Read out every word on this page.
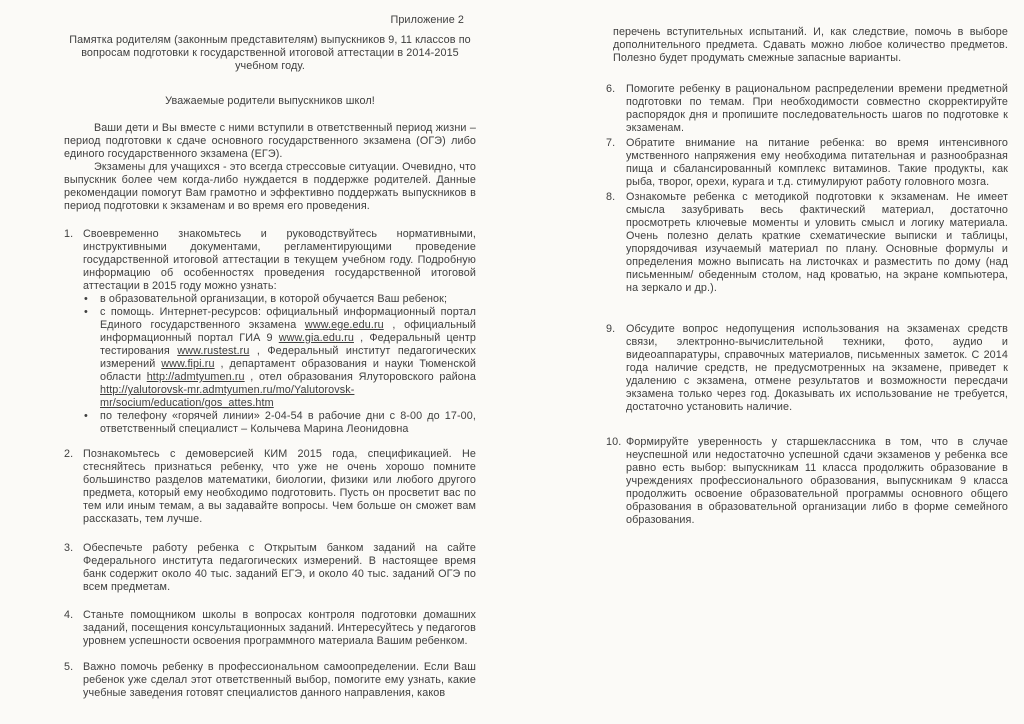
Приложение 2
Памятка родителям (законным представителям) выпускников 9, 11 классов по вопросам подготовки к государственной итоговой аттестации в 2014-2015 учебном году.
Уважаемые родители выпускников школ!
Ваши дети и Вы вместе с ними вступили в ответственный период жизни – период подготовки к сдаче основного государственного экзамена (ОГЭ) либо единого государственного экзамена (ЕГЭ).
Экзамены для учащихся - это всегда стрессовые ситуации. Очевидно, что выпускник более чем когда-либо нуждается в поддержке родителей. Данные рекомендации помогут Вам грамотно и эффективно поддержать выпускников в период подготовки к экзаменам и во время его проведения.
1. Своевременно знакомьтесь и руководствуйтесь нормативными, инструктивными документами, регламентирующими проведение государственной итоговой аттестации в текущем учебном году. Подробную информацию об особенностях проведения государственной итоговой аттестации в 2015 году можно узнать:
•	в образовательной организации, в которой обучается Ваш ребенок;
•	с помощь. Интернет-ресурсов: официальный информационный портал Единого государственного экзамена www.ege.edu.ru , официальный информационный портал ГИА 9 www.gia.edu.ru , Федеральный центр тестирования www.rustest.ru , Федеральный институт педагогических измерений www.fipi.ru , департамент образования и науки Тюменской области http://admtyumen.ru , отел образования Ялуторовского района http://yalutorovsk-mr.admtyumen.ru/mo/Yalutorovsk-mr/socium/education/gos_attes.htm
•	по телефону «горячей линии» 2-04-54 в рабочие дни с 8-00 до 17-00, ответственный специалист – Колычева Марина Леонидовна
2. Познакомьтесь с демоверсией КИМ 2015 года, спецификацией. Не стесняйтесь признаться ребенку, что уже не очень хорошо помните большинство разделов математики, биологии, физики или любого другого предмета, который ему необходимо подготовить. Пусть он просветит вас по тем или иным темам, а вы задавайте вопросы. Чем больше он сможет вам рассказать, тем лучше.
3. Обеспечьте работу ребенка с Открытым банком заданий на сайте Федерального института педагогических измерений. В настоящее время банк содержит около 40 тыс. заданий ЕГЭ, и около 40 тыс. заданий ОГЭ по всем предметам.
4. Станьте помощником школы в вопросах контроля подготовки домашних заданий, посещения консультационных заданий. Интересуйтесь у педагогов уровнем успешности освоения программного материала Вашим ребенком.
5. Важно помочь ребенку в профессиональном самоопределении. Если Ваш ребенок уже сделал этот ответственный выбор, помогите ему узнать, какие учебные заведения готовят специалистов данного направления, каков
перечень вступительных испытаний. И, как следствие, помочь в выборе дополнительного предмета. Сдавать можно любое количество предметов. Полезно будет продумать смежные запасные варианты.
6. Помогите ребенку в рациональном распределении времени предметной подготовки по темам. При необходимости совместно скорректируйте распорядок дня и пропишите последовательность шагов по подготовке к экзаменам.
7. Обратите внимание на питание ребенка: во время интенсивного умственного напряжения ему необходима питательная и разнообразная пища и сбалансированный комплекс витаминов. Такие продукты, как рыба, творог, орехи, курага и т.д. стимулируют работу головного мозга.
8. Ознакомьте ребенка с методикой подготовки к экзаменам. Не имеет смысла зазубривать весь фактический материал, достаточно просмотреть ключевые моменты и уловить смысл и логику материала. Очень полезно делать краткие схематические выписки и таблицы, упорядочивая изучаемый материал по плану. Основные формулы и определения можно выписать на листочках и разместить по дому (над письменным/ обеденным столом, над кроватью, на экране компьютера, на зеркало и др.).
9. Обсудите вопрос недопущения использования на экзаменах средств связи, электронно-вычислительной техники, фото, аудио и видеоаппаратуры, справочных материалов, письменных заметок. С 2014 года наличие средств, не предусмотренных на экзамене, приведет к удалению с экзамена, отмене результатов и возможности пересдачи экзамена только через год. Доказывать их использование не требуется, достаточно установить наличие.
10. Формируйте уверенность у старшеклассника в том, что в случае неуспешной или недостаточно успешной сдачи экзаменов у ребенка все равно есть выбор: выпускникам 11 класса продолжить образование в учреждениях профессионального образования, выпускникам 9 класса продолжить освоение образовательной программы основного общего образования в образовательной организации либо в форме семейного образования.
